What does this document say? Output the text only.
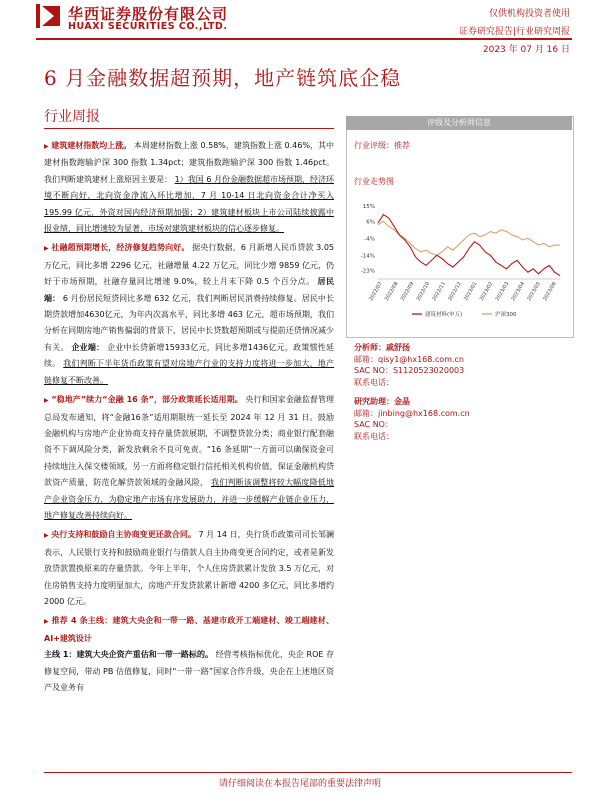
华西证券股份有限公司
HUAXI SECURITIES CO.,LTD.
仅供机构投资者使用
证券研究报告|行业研究周报
2023 年 07 月 16 日
6 月金融数据超预期，地产链筑底企稳
行业周报

▶ 建筑建材指数均上涨。 本周建材指数上涨 0.58%，建筑指数上涨 0.46%，其中建材指数跑输沪深 300 指数 1.34pct；建筑指数跑输沪深 300 指数 1.46pct。我们判断建筑建材上涨原因主要是： 1）我国 6 月份金融数据超市场预期，经济环境不断向好，北向资金净流入环比增加，7 月 10-14 日北向资金合计净买入 195.99 亿元，外资对国内经济预期加强；2）建筑建材板块上市公司陆续披露中报业绩，同比增速较为显著，市场对建筑建材板块的信心逐步修复。

▶ 社融超预期增长，经济修复趋势向好。 据央行数据，6 月新增人民币贷款 3.05 万亿元，同比多增 2296 亿元，社融增量 4.22 万亿元，同比少增 9859 亿元，仍好于市场预期，社融存量同比增速 9.0%，较上月末下降 0.5 个百分点。 居民端： 6 月份居民短贷同比多增 632 亿元，我们判断居民消费持续修复。居民中长期贷款增加4630亿元，为年内次高水平，同比多增 463 亿元，超市场预期，我们分析在同期房地产销售偏弱的背景下，居民中长贷数超预期或与提前还贷情况减少有关。 企业端： 企业中长贷新增15933亿元，同比多增1436亿元，政策惯性延续。 我们判断下半年货币政策有望对房地产行业的支持力度将进一步加大，地产链修复不断改善。

▶ “稳地产”续力“金融 16 条”，部分政策延长适用期。 央行和国家金融监督管理总局发布通知，将“金融16条”适用期限统一延长至 2024 年 12 月 31 日。鼓励金融机构与房地产企业协商支持存量贷款展期，不调整贷款分类；商业银行配套融资不下调风险分类，新发放剩余不良可免责。“16 条延期”一方面可以确保资金可持续地注入保交楼领域，另一方面将稳定银行信托相关机构价值，保证金融机构贷款资产质量，防范化解贷款领域的金融风险， 我们判断该调整将较大幅度降低地产企业资金压力，为稳定地产市场有序发展助力，并进一步缓解产业链企业压力，地产修复改善持续向好。

▶ 央行支持和鼓励自主协商变更还款合同。 7 月 14 日，央行货币政策司司长邹澜表示，人民银行支持和鼓励商业银行与借款人自主协商变更合同约定，或者是新发放贷款置换原来的存量贷款。今年上半年，个人住房贷款累计发放 3.5 万亿元，对住房销售支持力度明显加大，房地产开发贷款累计新增 4200 多亿元，同比多增约 2000 亿元。

▶ 推荐 4 条主线：建筑大央企和一带一路、基建市政开工端建材、竣工端建材、AI+建筑设计
主线 1：建筑大央企资产重估和一带一路标的。 经营考核指标优化，央企 ROE 存修复空间，带动 PB 估值修复，同时“一带一路”国家合作升级，央企在上述地区资产及业务有

评级及分析师信息
行业评级：推荐
行业走势图
15%
6%
-4%
-14%
-23%
2022/07 2022/08 2022/09 2022/10 2022/11 2022/12 2023/01 2023/02 2023/03 2023/04 2023/05 2023/06
建筑材料(申万)	沪深300
分析师：戚舒扬
邮箱：qisy1@hx168.com.cn
SAC NO：S1120523020003
联系电话：
研究助理：金晶
邮箱：jinbing@hx168.com.cn
SAC NO：
联系电话：
请仔细阅读在本报告尾部的重要法律声明
